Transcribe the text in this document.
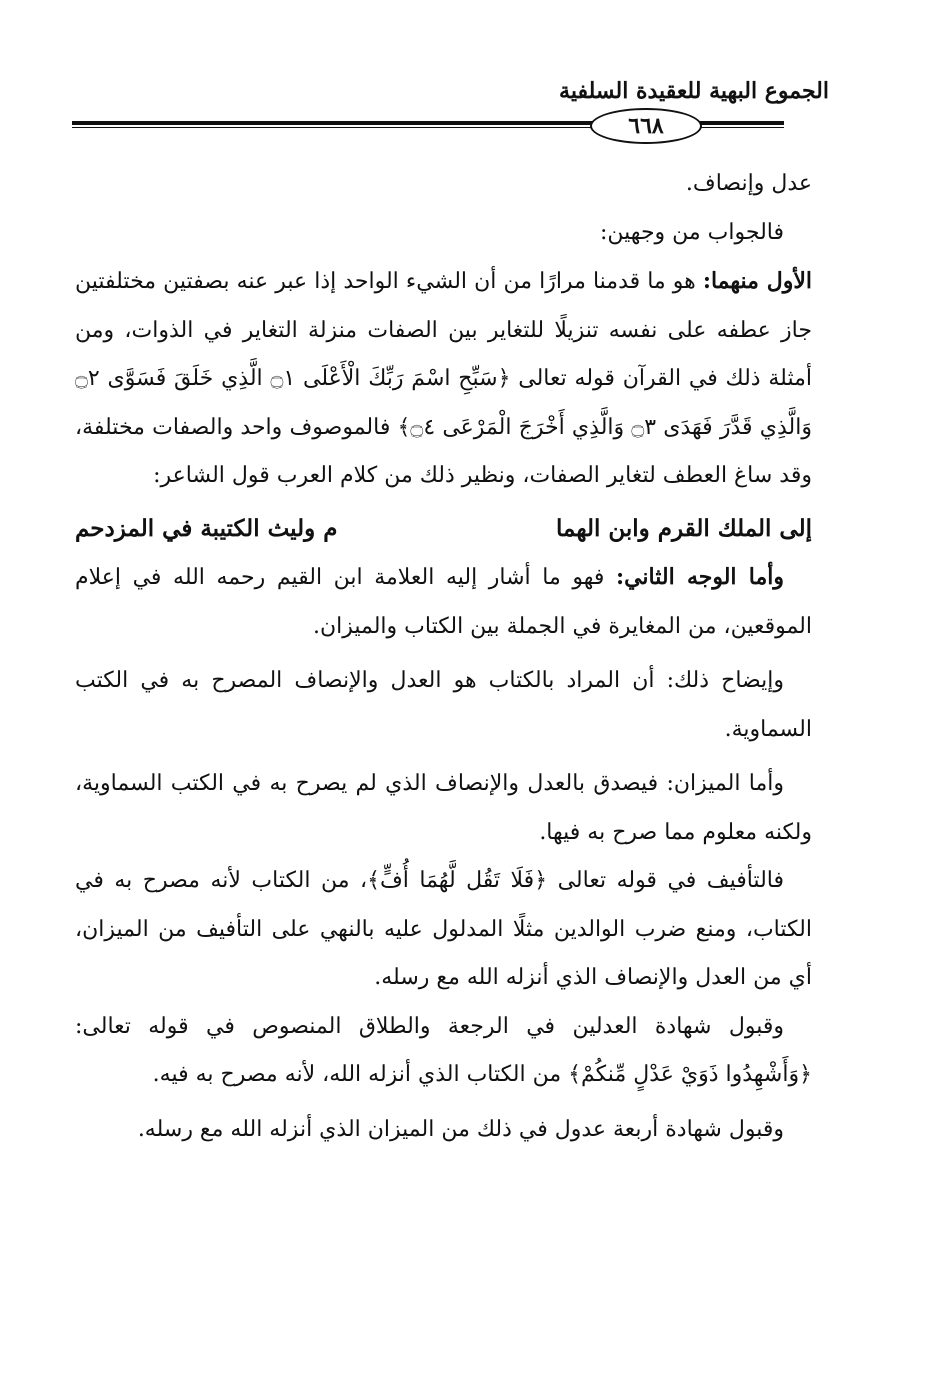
الجموع البهية للعقيدة السلفية
٦٦٨

عدل وإنصاف.

فالجواب من وجهين:

الأول منهما: هو ما قدمنا مرارًا من أن الشيء الواحد إذا عبر عنه بصفتين مختلفتين جاز عطفه على نفسه تنزيلًا للتغاير بين الصفات منزلة التغاير في الذوات، ومن أمثلة ذلك في القرآن قوله تعالى ﴿سَبِّحِ اسْمَ رَبِّكَ الْأَعْلَى ۝١ الَّذِي خَلَقَ فَسَوَّى ۝٢ وَالَّذِي قَدَّرَ فَهَدَى ۝٣ وَالَّذِي أَخْرَجَ الْمَرْعَى ۝٤﴾ فالموصوف واحد والصفات مختلفة، وقد ساغ العطف لتغاير الصفات، ونظير ذلك من كلام العرب قول الشاعر:

إلى الملك القرم وابن الهما
م وليث الكتيبة في المزدحم

وأما الوجه الثاني: فهو ما أشار إليه العلامة ابن القيم رحمه الله في إعلام الموقعين، من المغايرة في الجملة بين الكتاب والميزان.

وإيضاح ذلك: أن المراد بالكتاب هو العدل والإنصاف المصرح به في الكتب السماوية.

وأما الميزان: فيصدق بالعدل والإنصاف الذي لم يصرح به في الكتب السماوية، ولكنه معلوم مما صرح به فيها.

فالتأفيف في قوله تعالى ﴿فَلَا تَقُل لَّهُمَا أُفٍّ﴾، من الكتاب لأنه مصرح به في الكتاب، ومنع ضرب الوالدين مثلًا المدلول عليه بالنهي على التأفيف من الميزان، أي من العدل والإنصاف الذي أنزله الله مع رسله.

وقبول شهادة العدلين في الرجعة والطلاق المنصوص في قوله تعالى: ﴿وَأَشْهِدُوا ذَوَيْ عَدْلٍ مِّنكُمْ﴾ من الكتاب الذي أنزله الله، لأنه مصرح به فيه.

وقبول شهادة أربعة عدول في ذلك من الميزان الذي أنزله الله مع رسله.
